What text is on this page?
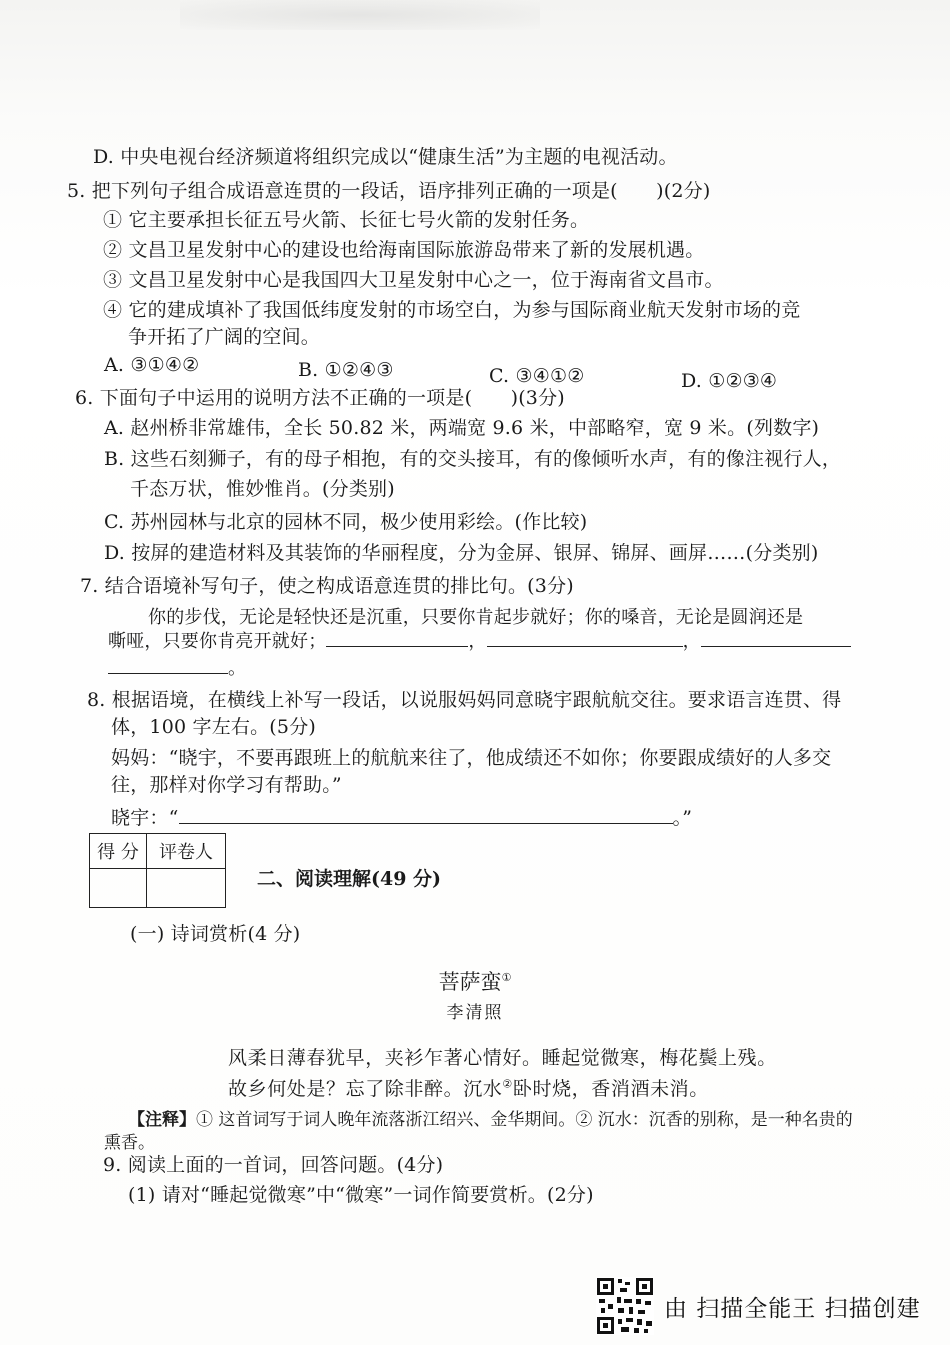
D. 中央电视台经济频道将组织完成以“健康生活”为主题的电视活动。
5. 把下列句子组合成语意连贯的一段话，语序排列正确的一项是(　　)(2分)
① 它主要承担长征五号火箭、长征七号火箭的发射任务。
② 文昌卫星发射中心的建设也给海南国际旅游岛带来了新的发展机遇。
③ 文昌卫星发射中心是我国四大卫星发射中心之一，位于海南省文昌市。
④ 它的建成填补了我国低纬度发射的市场空白，为参与国际商业航天发射市场的竞
争开拓了广阔的空间。
A. ③①④②	B. ①②④③	C. ③④①②	D. ①②③④
6. 下面句子中运用的说明方法不正确的一项是(　　)(3分)
A. 赵州桥非常雄伟，全长 50.82 米，两端宽 9.6 米，中部略窄，宽 9 米。(列数字)
B. 这些石刻狮子，有的母子相抱，有的交头接耳，有的像倾听水声，有的像注视行人，
千态万状，惟妙惟肖。(分类别)
C. 苏州园林与北京的园林不同，极少使用彩绘。(作比较)
D. 按屏的建造材料及其装饰的华丽程度，分为金屏、银屏、锦屏、画屏……(分类别)
7. 结合语境补写句子，使之构成语意连贯的排比句。(3分)
你的步伐，无论是轻快还是沉重，只要你肯起步就好；你的嗓音，无论是圆润还是
嘶哑，只要你肯亮开就好；	，	，
。
8. 根据语境，在横线上补写一段话，以说服妈妈同意晓宇跟航航交往。要求语言连贯、得
体，100 字左右。(5分)
妈妈：“晓宇，不要再跟班上的航航来往了，他成绩还不如你；你要跟成绩好的人多交
往，那样对你学习有帮助。”
晓宇：“	。”
得 分	评卷人

二、阅读理解(49 分)
(一) 诗词赏析(4 分)
菩萨蛮①
李清照
风柔日薄春犹早，夹衫乍著心情好。睡起觉微寒，梅花鬓上残。
故乡何处是？忘了除非醉。沉水②卧时烧，香消酒未消。
【注释】① 这首词写于词人晚年流落浙江绍兴、金华期间。② 沉水：沉香的别称，是一种名贵的
熏香。
9. 阅读上面的一首词，回答问题。(4分)
(1) 请对“睡起觉微寒”中“微寒”一词作简要赏析。(2分)
由 扫描全能王 扫描创建
